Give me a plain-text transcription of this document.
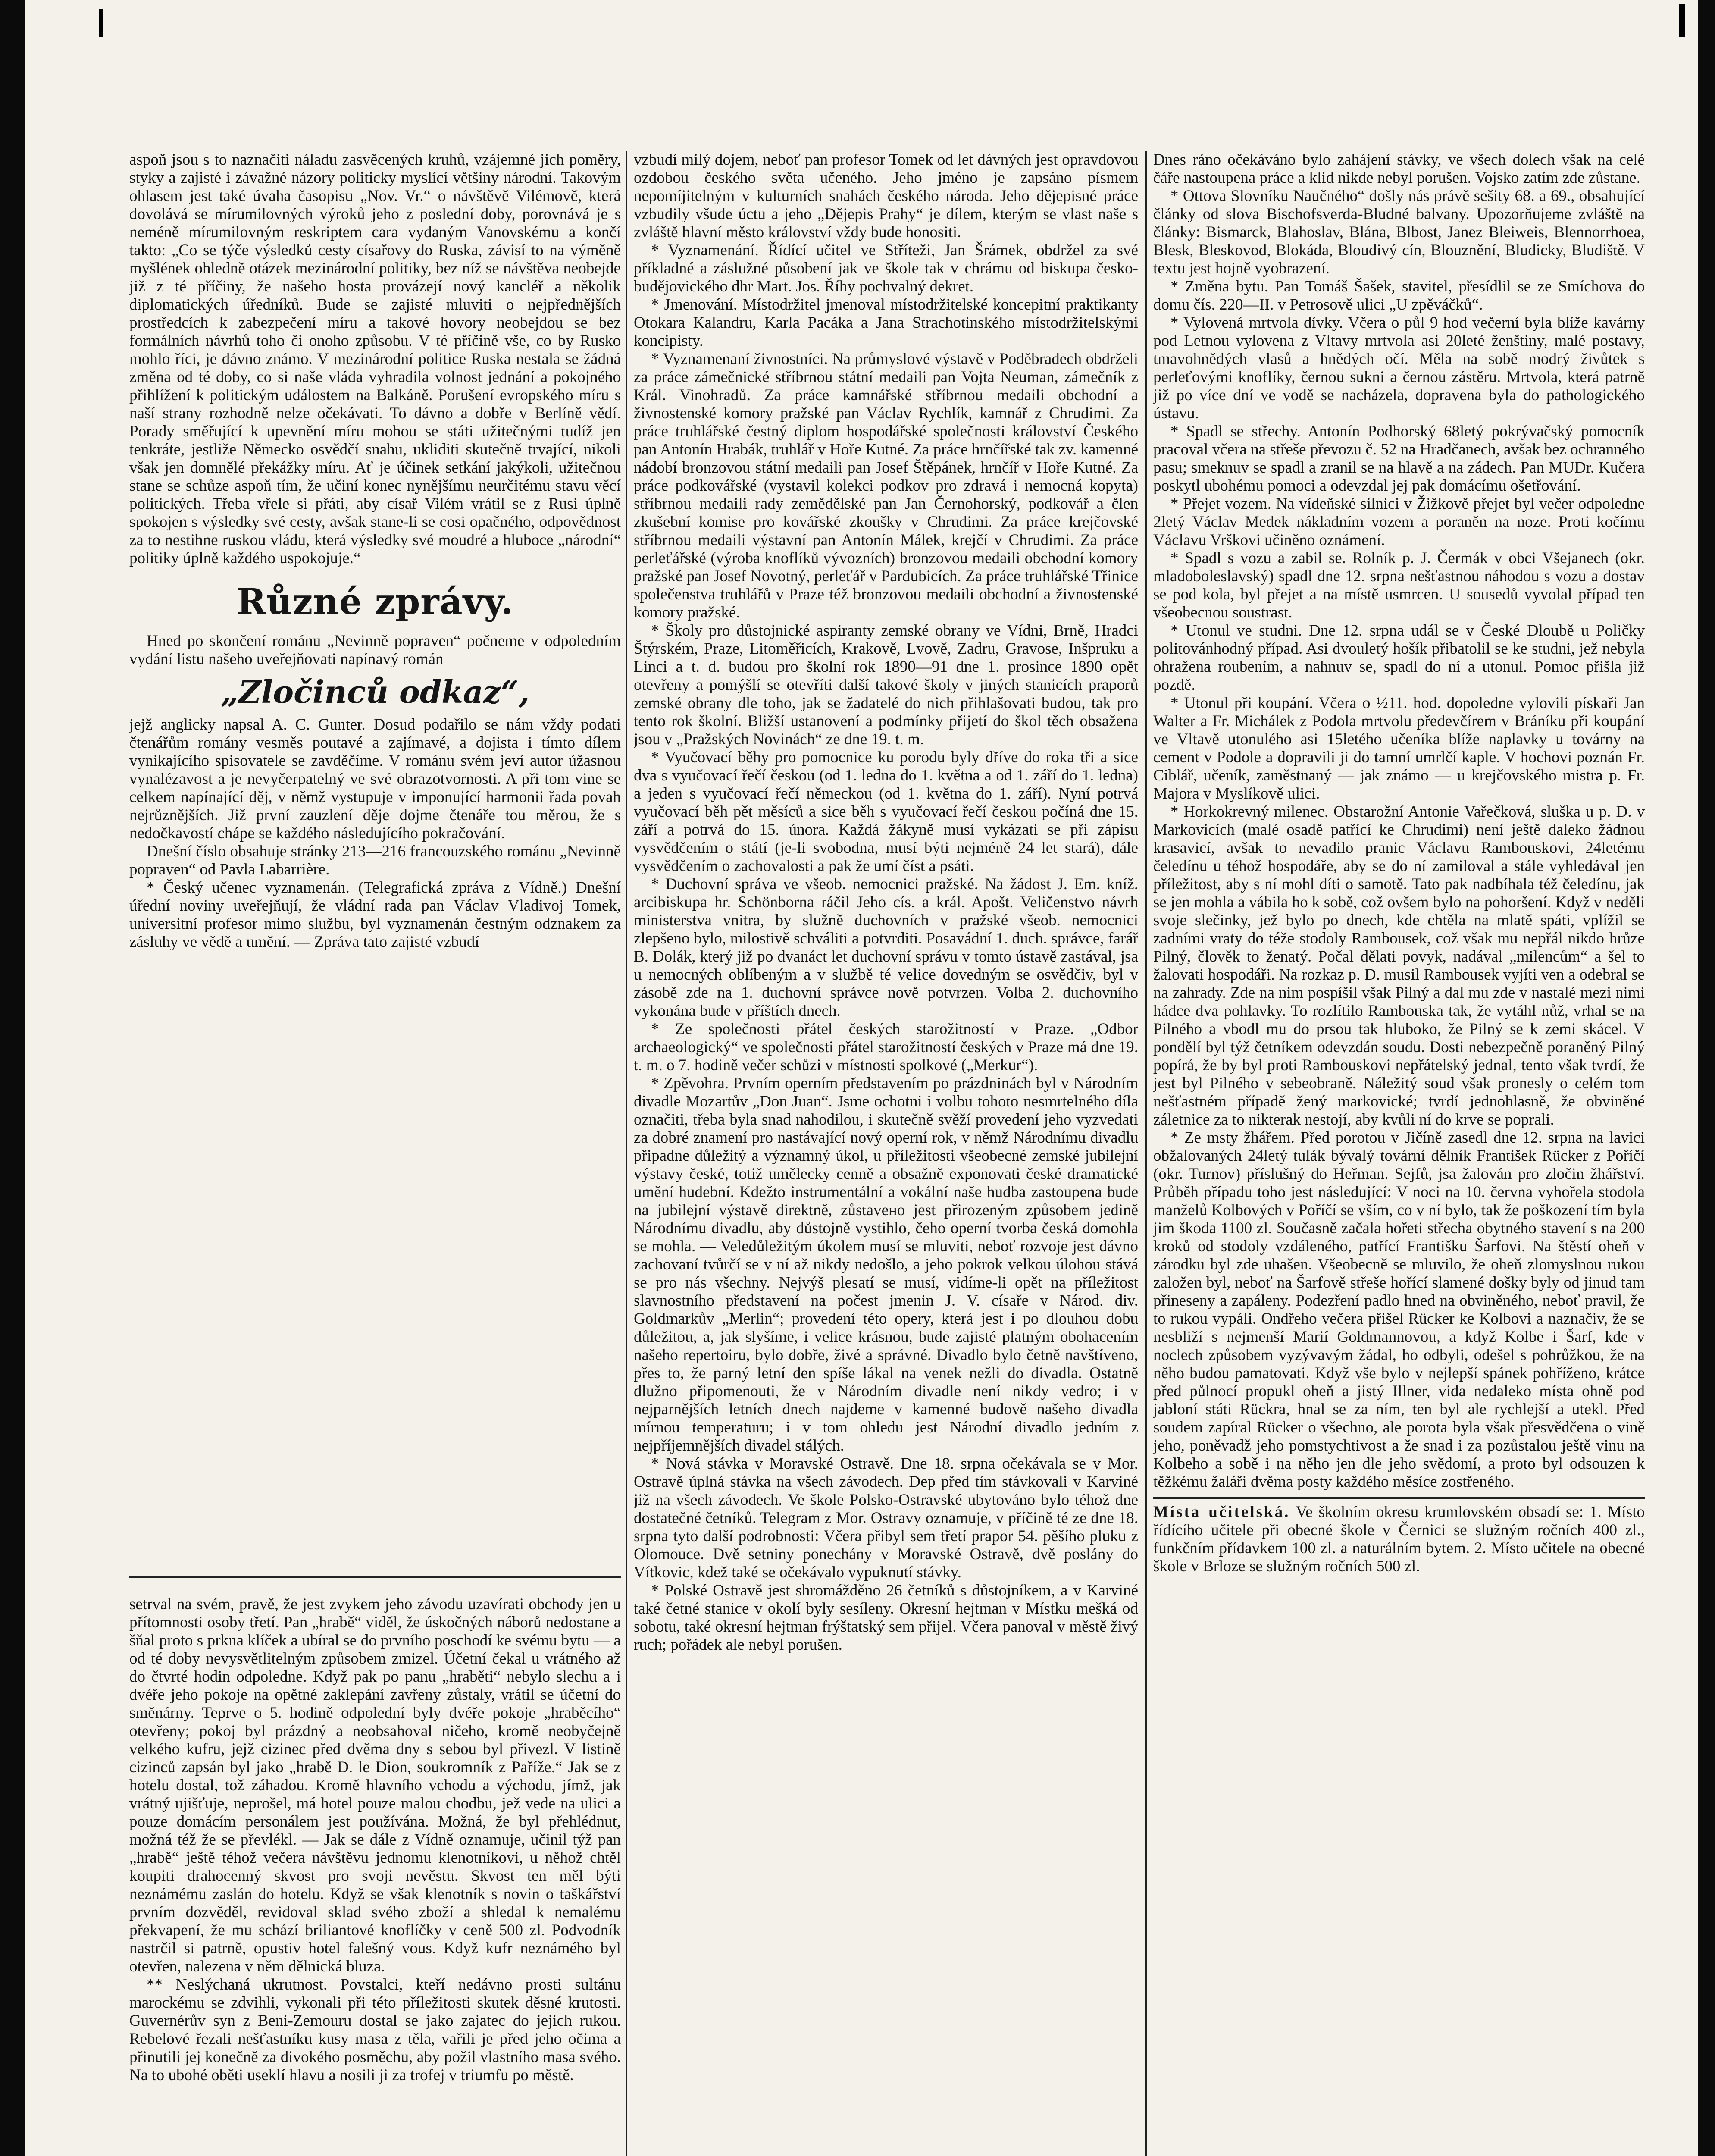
aspoň jsou s to naznačiti náladu zasvěcených kruhů, vzájemné jich poměry, styky a zajisté i závažné názory politicky myslící většiny národní. Takovým ohlasem jest také úvaha časopisu „Nov. Vr.“ o návštěvě Vilémově, která dovolává se mírumilovných výroků jeho z poslední doby, porovnává je s neméně mírumilovným reskriptem cara vydaným Vanovskému a končí takto: „Co se týče výsledků cesty císařovy do Ruska, závisí to na výměně myšlének ohledně otázek mezinárodní politiky, bez níž se návštěva neobejde již z té příčiny, že našeho hosta provázejí nový kancléř a několik diplomatických úředníků. Bude se zajisté mluviti o nejpřednějších prostředcích k zabezpečení míru a takové hovory neobejdou se bez formálních návrhů toho či onoho způsobu. V té příčině vše, co by Rusko mohlo říci, je dávno známo. V mezinárodní politice Ruska nestala se žádná změna od té doby, co si naše vláda vyhradila volnost jednání a pokojného přihlížení k politickým událostem na Balkáně. Porušení evropského míru s naší strany rozhodně nelze očekávati. To dávno a dobře v Berlíně vědí. Porady směřující k upevnění míru mohou se státi užitečnými tudíž jen tenkráte, jestliže Německo osvědčí snahu, ukliditi skutečně trvající, nikoli však jen domnělé překážky míru. Ať je účinek setkání jakýkoli, užitečnou stane se schůze aspoň tím, že učiní konec nynějšímu neurčitému stavu věcí politických. Třeba vřele si přáti, aby císař Vilém vrátil se z Rusi úplně spokojen s výsledky své cesty, avšak stane-li se cosi opačného, odpovědnost za to nestihne ruskou vládu, která výsledky své moudré a hluboce „národní“ politiky úplně každého uspokojuje.“

Různé zprávy.

Hned po skončení románu „Nevinně popraven“ počneme v odpoledním vydání listu našeho uveřejňovati napínavý román

„Zločinců odkaz“,

jejž anglicky napsal A. C. Gunter. Dosud podařilo se nám vždy podati čtenářům romány vesměs poutavé a zajímavé, a dojista i tímto dílem vynikajícího spisovatele se zavděčíme. V románu svém jeví autor úžasnou vynalézavost a je nevyčerpatelný ve své obrazotvornosti. A při tom vine se celkem napínající děj, v němž vystupuje v imponující harmonii řada povah nejrůznějších. Již první zauzlení děje dojme čtenáře tou měrou, že s nedočkavostí chápe se každého následujícího pokračování.

Dnešní číslo obsahuje stránky 213—216 francouzského románu „Nevinně popraven“ od Pavla Labarrière.

* Český učenec vyznamenán. (Telegrafická zpráva z Vídně.) Dnešní úřední noviny uveřejňují, že vládní rada pan Václav Vladivoj Tomek, universitní profesor mimo službu, byl vyznamenán čestným odznakem za zásluhy ve vědě a umění. — Zpráva tato zajisté vzbudí

setrval na svém, pravě, že jest zvykem jeho závodu uzavírati obchody jen u přítomnosti osoby třetí. Pan „hrabě“ viděl, že úskočných náborů nedostane a šňal proto s prkna klíček a ubíral se do prvního poschodí ke svému bytu — a od té doby nevysvětlitelným způsobem zmizel. Účetní čekal u vrátného až do čtvrté hodin odpoledne. Když pak po panu „hraběti“ nebylo slechu a i dvéře jeho pokoje na opětné zaklepání zavřeny zůstaly, vrátil se účetní do směnárny. Teprve o 5. hodině odpolední byly dvéře pokoje „hraběcího“ otevřeny; pokoj byl prázdný a neobsahoval ničeho, kromě neobyčejně velkého kufru, jejž cizinec před dvěma dny s sebou byl přivezl. V listině cizinců zapsán byl jako „hrabě D. le Dion, soukromník z Paříže.“ Jak se z hotelu dostal, tož záhadou. Kromě hlavního vchodu a východu, jímž, jak vrátný ujišťuje, neprošel, má hotel pouze malou chodbu, jež vede na ulici a pouze domácím personálem jest používána. Možná, že byl přehlédnut, možná též že se převlékl. — Jak se dále z Vídně oznamuje, učinil týž pan „hrabě“ ještě téhož večera návštěvu jednomu klenotníkovi, u něhož chtěl koupiti drahocenný skvost pro svoji nevěstu. Skvost ten měl býti neznámému zaslán do hotelu. Když se však klenotník s novin o taškářství prvním dozvěděl, revidoval sklad svého zboží a shledal k nemalému překvapení, že mu schází briliantové knoflíčky v ceně 500 zl. Podvodník nastrčil si patrně, opustiv hotel falešný vous. Když kufr neznámého byl otevřen, nalezena v něm dělnická bluza.

** Neslýchaná ukrutnost. Povstalci, kteří nedávno prosti sultánu marockému se zdvihli, vykonali při této příležitosti skutek děsné krutosti. Guvernérův syn z Beni-Zemouru dostal se jako zajatec do jejich rukou. Rebelové řezali nešťastníku kusy masa z těla, vařili je před jeho očima a přinutili jej konečně za divokého posměchu, aby požil vlastního masa svého. Na to ubohé oběti useklí hlavu a nosili ji za trofej v triumfu po městě.

vzbudí milý dojem, neboť pan profesor Tomek od let dávných jest opravdovou ozdobou českého světa učeného. Jeho jméno je zapsáno písmem nepomíjitelným v kulturních snahách českého národa. Jeho dějepisné práce vzbudily všude úctu a jeho „Dějepis Prahy“ je dílem, kterým se vlast naše s zvláště hlavní město království vždy bude honositi.

* Vyznamenání. Řídící učitel ve Stříteži, Jan Šrámek, obdržel za své příkladné a záslužné působení jak ve škole tak v chrámu od biskupa česko-budějovického dhr Mart. Jos. Říhy pochvalný dekret.

* Jmenování. Místodržitel jmenoval místodržitelské koncepitní praktikanty Otokara Kalandru, Karla Pacáka a Jana Strachotinského místodržitelskými koncipisty.

* Vyznamenaní živnostníci. Na průmyslové výstavě v Poděbradech obdrželi za práce zámečnické stříbrnou státní medaili pan Vojta Neuman, zámečník z Král. Vinohradů. Za práce kamnářské stříbrnou medaili obchodní a živnostenské komory pražské pan Václav Rychlík, kamnář z Chrudimi. Za práce truhlářské čestný diplom hospodářské společnosti království Českého pan Antonín Hrabák, truhlář v Hoře Kutné. Za práce hrnčířské tak zv. kamenné nádobí bronzovou státní medaili pan Josef Štěpánek, hrnčíř v Hoře Kutné. Za práce podkovářské (vystavil kolekci podkov pro zdravá i nemocná kopyta) stříbrnou medaili rady zemědělské pan Jan Černohorský, podkovář a člen zkušební komise pro kovářské zkoušky v Chrudimi. Za práce krejčovské stříbrnou medaili výstavní pan Antonín Málek, krejčí v Chrudimi. Za práce perleťářské (výroba knoflíků vývozních) bronzovou medaili obchodní komory pražské pan Josef Novotný, perleťář v Pardubicích. Za práce truhlářské Třinice společenstva truhlářů v Praze též bronzovou medaili obchodní a živnostenské komory pražské.

* Školy pro důstojnické aspiranty zemské obrany ve Vídni, Brně, Hradci Štýrském, Praze, Litoměřicích, Krakově, Lvově, Zadru, Gravose, Inšpruku a Linci a t. d. budou pro školní rok 1890—91 dne 1. prosince 1890 opět otevřeny a pomýšlí se otevříti další takové školy v jiných stanicích praporů zemské obrany dle toho, jak se žadatelé do nich přihlašovati budou, tak pro tento rok školní. Bližší ustanovení a podmínky přijetí do škol těch obsažena jsou v „Pražských Novinách“ ze dne 19. t. m.

* Vyučovací běhy pro pomocnice ku porodu byly dříve do roka tři a sice dva s vyučovací řečí českou (od 1. ledna do 1. května a od 1. září do 1. ledna) a jeden s vyučovací řečí německou (od 1. května do 1. září). Nyní potrvá vyučovací běh pět měsíců a sice běh s vyučovací řečí českou počíná dne 15. září a potrvá do 15. února. Každá žákyně musí vykázati se při zápisu vysvědčením o státí (je-li svobodna, musí býti nejméně 24 let stará), dále vysvědčením o zachovalosti a pak že umí číst a psáti.

* Duchovní správa ve všeob. nemocnici pražské. Na žádost J. Em. kníž. arcibiskupa hr. Schönborna ráčil Jeho cís. a král. Apošt. Veličenstvo návrh ministerstva vnitra, by služně duchovních v pražské všeob. nemocnici zlepšeno bylo, milostivě schváliti a potvrditi. Posavádní 1. duch. správce, farář B. Dolák, který již po dvanáct let duchovní správu v tomto ústavě zastával, jsa u nemocných oblíbeným a v službě té velice dovedným se osvědčiv, byl v zásobě zde na 1. duchovní správce nově potvrzen. Volba 2. duchovního vykonána bude v příštích dnech.

* Ze společnosti přátel českých starožitností v Praze. „Odbor archaeologický“ ve společnosti přátel starožitností českých v Praze má dne 19. t. m. o 7. hodině večer schůzi v místnosti spolkové („Merkur“).

* Zpěvohra. Prvním operním představením po prázdninách byl v Národním divadle Mozartův „Don Juan“. Jsme ochotni i volbu tohoto nesmrtelného díla označiti, třeba byla snad nahodilou, i skutečně svěží provedení jeho vyzvedati za dobré znamení pro nastávající nový operní rok, v němž Národnímu divadlu připadne důležitý a významný úkol, u příležitosti všeobecné zemské jubilejní výstavy české, totiž umělecky cenně a obsažně exponovati české dramatické umění hudební. Kdežto instrumentální a vokální naše hudba zastoupena bude na jubilejní výstavě direktně, zůstavено jest přirozeným způsobem jedině Národnímu divadlu, aby důstojně vystihlo, čeho operní tvorba česká domohla se mohla. — Veledůležitým úkolem musí se mluviti, neboť rozvoje jest dávno zachovaní tvůrčí se v ní až nikdy nedošlo, a jeho pokrok velkou úlohou stává se pro nás všechny. Nejvýš plesatí se musí, vidíme-li opět na příležitost slavnostního představení na počest jmenin J. V. císaře v Národ. div. Goldmarkův „Merlin“; provedení této opery, která jest i po dlouhou dobu důležitou, a, jak slyšíme, i velice krásnou, bude zajisté platným obohacením našeho repertoiru, bylo dobře, živé a správné. Divadlo bylo četně navštíveno, přes to, že parný letní den spíše lákal na venek nežli do divadla. Ostatně dlužno připomenouti, že v Národním divadle není nikdy vedro; i v nejparnějších letních dnech najdeme v kamenné budově našeho divadla mírnou temperaturu; i v tom ohledu jest Národní divadlo jedním z nejpříjemnějších divadel stálých.

* Nová stávka v Moravské Ostravě. Dne 18. srpna očekávala se v Mor. Ostravě úplná stávka na všech závodech. Dep před tím stávkovali v Karviné již na všech závodech. Ve škole Polsko-Ostravské ubytováno bylo téhož dne dostatečné četníků. Telegram z Mor. Ostravy oznamuje, v příčině té ze dne 18. srpna tyto další podrobnosti: Včera přibyl sem třetí prapor 54. pěšího pluku z Olomouce. Dvě setniny ponechány v Moravské Ostravě, dvě poslány do Vítkovic, kdež také se očekávalo vypuknutí stávky.

* Polské Ostravě jest shromážděno 26 četníků s důstojníkem, a v Karviné také četné stanice v okolí byly sesíleny. Okresní hejtman v Místku mešká od sobotu, také okresní hejtman frýštatský sem přijel. Včera panoval v městě živý ruch; pořádek ale nebyl porušen.

Dnes ráno očekáváno bylo zahájení stávky, ve všech dolech však na celé čáře nastoupena práce a klid nikde nebyl porušen. Vojsko zatím zde zůstane.

* Ottova Slovníku Naučného“ došly nás právě sešity 68. a 69., obsahující články od slova Bischofsverda-Bludné balvany. Upozorňujeme zvláště na články: Bismarck, Blahoslav, Blána, Blbost, Janez Bleiweis, Blennorrhoea, Blesk, Bleskovod, Blokáda, Bloudivý cín, Blouznění, Bludicky, Bludiště. V textu jest hojně vyobrazení.

* Změna bytu. Pan Tomáš Šašek, stavitel, přesídlil se ze Smíchova do domu čís. 220—II. v Petrosově ulici „U zpěváčků“.

* Vylovená mrtvola dívky. Včera o půl 9 hod večerní byla blíže kavárny pod Letnou vylovena z Vltavy mrtvola asi 20leté ženštiny, malé postavy, tmavohnědých vlasů a hnědých očí. Měla na sobě modrý živůtek s perleťovými knoflíky, černou sukni a černou zástěru. Mrtvola, která patrně již po více dní ve vodě se nacházela, dopravena byla do pathologického ústavu.

* Spadl se střechy. Antonín Podhorský 68letý pokrývačský pomocník pracoval včera na střeše převozu č. 52 na Hradčanech, avšak bez ochranného pasu; smeknuv se spadl a zranil se na hlavě a na zádech. Pan MUDr. Kučera poskytl ubohému pomoci a odevzdal jej pak domácímu ošetřování.

* Přejet vozem. Na vídeňské silnici v Žižkově přejet byl večer odpoledne 2letý Václav Medek nákladním vozem a poraněn na noze. Proti kočímu Václavu Vrškovi učiněno oznámení.

* Spadl s vozu a zabil se. Rolník p. J. Čermák v obci Všejanech (okr. mladoboleslavský) spadl dne 12. srpna nešťastnou náhodou s vozu a dostav se pod kola, byl přejet a na místě usmrcen. U sousedů vyvolal případ ten všeobecnou soustrast.

* Utonul ve studni. Dne 12. srpna udál se v České Dloubě u Poličky politovánhodný případ. Asi dvouletý hošík přibatolil se ke studni, jež nebyla ohražena roubením, a nahnuv se, spadl do ní a utonul. Pomoc přišla již pozdě.

* Utonul při koupání. Včera o ½11. hod. dopoledne vylovili pískaři Jan Walter a Fr. Michálek z Podola mrtvolu předevčírem v Bráníku při koupání ve Vltavě utonulého asi 15letého učeníka blíže naplavky u továrny na cement v Podole a dopravili ji do tamní umrlčí kaple. V hochovi poznán Fr. Ciblář, učeník, zaměstnaný — jak známo — u krejčovského mistra p. Fr. Majora v Myslíkově ulici.

* Horkokrevný milenec. Obstarožní Antonie Vařečková, sluška u p. D. v Markovicích (malé osadě patřící ke Chrudimi) není ještě daleko žádnou krasavicí, avšak to nevadilo pranic Václavu Rambouskovi, 24letému čeledínu u téhož hospodáře, aby se do ní zamiloval a stále vyhledával jen příležitost, aby s ní mohl díti o samotě. Tato pak nadbíhala též čeledínu, jak se jen mohla a vábila ho k sobě, což ovšem bylo na pohoršení. Když v neděli svoje slečinky, jež bylo po dnech, kde chtěla na mlatě spáti, vplížil se zadními vraty do téže stodoly Rambousek, což však mu nepřál nikdo hrůze Pilný, člověk to ženatý. Počal dělati povyk, nadával „milencům“ a šel to žalovati hospodáři. Na rozkaz p. D. musil Rambousek vyjíti ven a odebral se na zahrady. Zde na nim pospíšil však Pilný a dal mu zde v nastalé mezi nimi hádce dva pohlavky. To rozlítilo Rambouska tak, že vytáhl nůž, vrhal se na Pilného a vbodl mu do prsou tak hluboko, že Pilný se k zemi skácel. V pondělí byl týž četníkem odevzdán soudu. Dosti nebezpečně poraněný Pilný popírá, že by byl proti Rambouskovi nepřátelský jednal, tento však tvrdí, že jest byl Pilného v sebeobraně. Náležitý soud však pronesly o celém tom nešťastném případě žený markovické; tvrdí jednohlasně, že obviněné záletnice za to nikterak nestojí, aby kvůli ní do krve se poprali.

* Ze msty žhářem. Před porotou v Jičíně zasedl dne 12. srpna na lavici obžalovaných 24letý tulák bývalý tovární dělník František Rücker z Poříčí (okr. Turnov) příslušný do Heřman. Sejfů, jsa žalován pro zločin žhářství. Průběh případu toho jest následující: V noci na 10. června vyhořela stodola manželů Kolbových v Poříčí se vším, co v ní bylo, tak že poškození tím byla jim škoda 1100 zl. Současně začala hořeti střecha obytného stavení s na 200 kroků od stodoly vzdáleného, patřící Františku Šarfovi. Na štěstí oheň v zárodku byl zde uhašen. Všeobecně se mluvilo, že oheň zlomyslnou rukou založen byl, neboť na Šarfově střeše hořící slamené došky byly od jinud tam přineseny a zapáleny. Podezření padlo hned na obviněného, neboť pravil, že to rukou vypáli. Ondřeho večera přišel Rücker ke Kolbovi a naznačiv, že se nesbliží s nejmenší Marií Goldmannovou, a když Kolbe i Šarf, kde v noclech způsobem vyzývavým žádal, ho odbyli, odešel s pohrůžkou, že na něho budou pamatovati. Když vše bylo v nejlepší spánek pohříženo, krátce před půlnocí propukl oheň a jistý Illner, vida nedaleko místa ohně pod jabloní státi Rückra, hnal se za ním, ten byl ale rychlejší a utekl. Před soudem zapíral Rücker o všechno, ale porota byla však přesvědčena o vině jeho, poněvadž jeho pomstychtivost a že snad i za pozůstalou ještě vinu na Kolbeho a sobě i na něho jen dle jeho svědomí, a proto byl odsouzen k těžkému žaláři dvěma posty každého měsíce zostřeného.

Místa učitelská. Ve školním okresu krumlovském obsadí se: 1. Místo řídícího učitele při obecné škole v Černici se služným ročních 400 zl., funkčním přídavkem 100 zl. a naturálním bytem. 2. Místo učitele na obecné škole v Brloze se služným ročních 500 zl.
